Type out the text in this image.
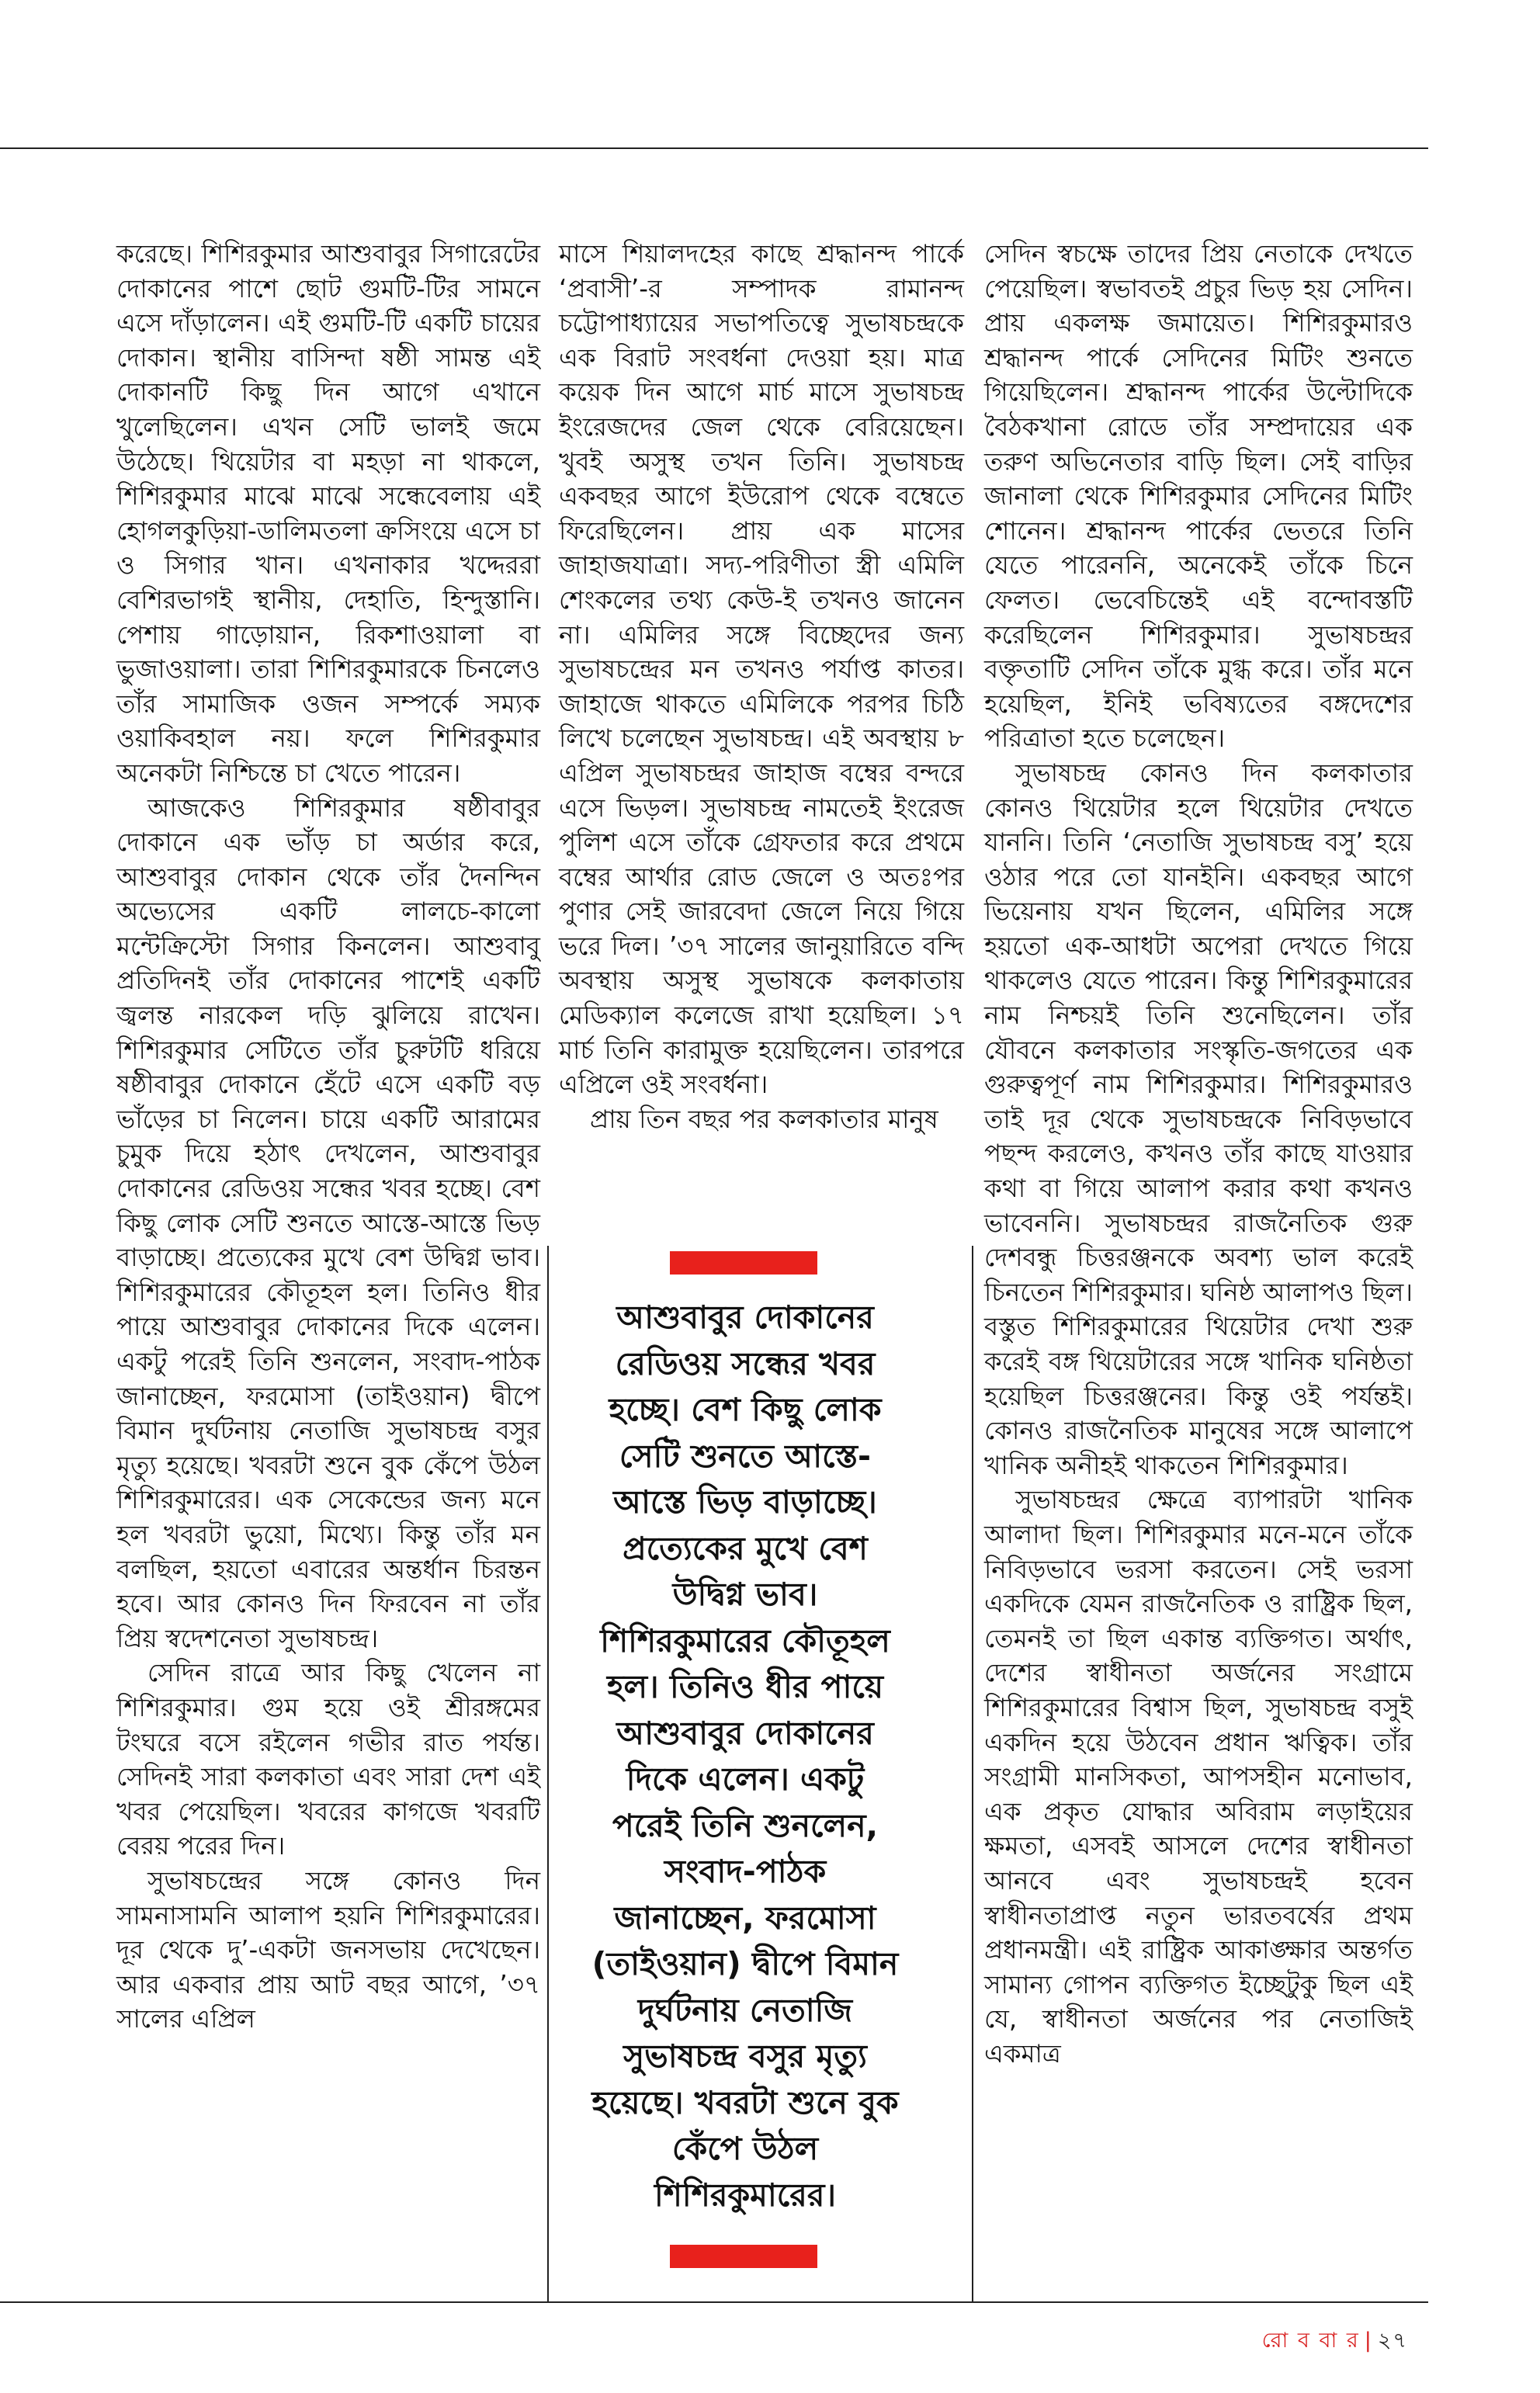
করেছে। শিশিরকুমার আশুবাবুর সিগারেটের দোকানের পাশে ছোট গুমটি-টির সামনে এসে দাঁড়ালেন। এই গুমটি-টি একটি চায়ের দোকান। স্থানীয় বাসিন্দা ষষ্ঠী সামন্ত এই দোকানটি কিছু দিন আগে এখানে খুলেছিলেন। এখন সেটি ভালই জমে উঠেছে। থিয়েটার বা মহড়া না থাকলে, শিশিরকুমার মাঝে মাঝে সন্ধেবেলায় এই হোগলকুড়িয়া-ডালিমতলা ক্রসিংয়ে এসে চা ও সিগার খান। এখনাকার খদ্দেররা বেশিরভাগই স্থানীয়, দেহাতি, হিন্দুস্তানি। পেশায় গাড়োয়ান, রিকশাওয়ালা বা ভুজাওয়ালা। তারা শিশিরকুমারকে চিনলেও তাঁর সামাজিক ওজন সম্পর্কে সম্যক ওয়াকিবহাল নয়। ফলে শিশিরকুমার অনেকটা নিশ্চিন্তে চা খেতে পারেন।

আজকেও শিশিরকুমার ষষ্ঠীবাবুর দোকানে এক ভাঁড় চা অর্ডার করে, আশুবাবুর দোকান থেকে তাঁর দৈনন্দিন অভ্যেসের একটি লালচে-কালো মন্টেক্রিস্টো সিগার কিনলেন। আশুবাবু প্রতিদিনই তাঁর দোকানের পাশেই একটি জ্বলন্ত নারকেল দড়ি ঝুলিয়ে রাখেন। শিশিরকুমার সেটিতে তাঁর চুরুটটি ধরিয়ে ষষ্ঠীবাবুর দোকানে হেঁটে এসে একটি বড় ভাঁড়ের চা নিলেন। চায়ে একটি আরামের চুমুক দিয়ে হঠাৎ দেখলেন, আশুবাবুর দোকানের রেডিওয় সন্ধের খবর হচ্ছে। বেশ কিছু লোক সেটি শুনতে আস্তে-আস্তে ভিড় বাড়াচ্ছে। প্রত্যেকের মুখে বেশ উদ্বিগ্ন ভাব। শিশিরকুমারের কৌতূহল হল। তিনিও ধীর পায়ে আশুবাবুর দোকানের দিকে এলেন। একটু পরেই তিনি শুনলেন, সংবাদ-পাঠক জানাচ্ছেন, ফরমোসা (তাইওয়ান) দ্বীপে বিমান দুর্ঘটনায় নেতাজি সুভাষচন্দ্র বসুর মৃত্যু হয়েছে। খবরটা শুনে বুক কেঁপে উঠল শিশিরকুমারের। এক সেকেন্ডের জন্য মনে হল খবরটা ভুয়ো, মিথ্যে। কিন্তু তাঁর মন বলছিল, হয়তো এবারের অন্তর্ধান চিরন্তন হবে। আর কোনও দিন ফিরবেন না তাঁর প্রিয় স্বদেশনেতা সুভাষচন্দ্র।

সেদিন রাত্রে আর কিছু খেলেন না শিশিরকুমার। গুম হয়ে ওই শ্রীরঙ্গমের টংঘরে বসে রইলেন গভীর রাত পর্যন্ত। সেদিনই সারা কলকাতা এবং সারা দেশ এই খবর পেয়েছিল। খবরের কাগজে খবরটি বেরয় পরের দিন।

সুভাষচন্দ্রের সঙ্গে কোনও দিন সামনাসামনি আলাপ হয়নি শিশিরকুমারের। দূর থেকে দু’-একটা জনসভায় দেখেছেন। আর একবার প্রায় আট বছর আগে, ’৩৭ সালের এপ্রিল

মাসে শিয়ালদহের কাছে শ্রদ্ধানন্দ পার্কে ‘প্রবাসী’-র সম্পাদক রামানন্দ চট্টোপাধ্যায়ের সভাপতিত্বে সুভাষচন্দ্রকে এক বিরাট সংবর্ধনা দেওয়া হয়। মাত্র কয়েক দিন আগে মার্চ মাসে সুভাষচন্দ্র ইংরেজদের জেল থেকে বেরিয়েছেন। খুবই অসুস্থ তখন তিনি। সুভাষচন্দ্র একবছর আগে ইউরোপ থেকে বম্বেতে ফিরেছিলেন। প্রায় এক মাসের জাহাজযাত্রা। সদ্য-পরিণীতা স্ত্রী এমিলি শেংকলের তথ্য কেউ-ই তখনও জানেন না। এমিলির সঙ্গে বিচ্ছেদের জন্য সুভাষচন্দ্রের মন তখনও পর্যাপ্ত কাতর। জাহাজে থাকতে এমিলিকে পরপর চিঠি লিখে চলেছেন সুভাষচন্দ্র। এই অবস্থায় ৮ এপ্রিল সুভাষচন্দ্রর জাহাজ বম্বের বন্দরে এসে ভিড়ল। সুভাষচন্দ্র নামতেই ইংরেজ পুলিশ এসে তাঁকে গ্রেফতার করে প্রথমে বম্বের আর্থার রোড জেলে ও অতঃপর পুণার সেই জারবেদা জেলে নিয়ে গিয়ে ভরে দিল। ’৩৭ সালের জানুয়ারিতে বন্দি অবস্থায় অসুস্থ সুভাষকে কলকাতায় মেডিক্যাল কলেজে রাখা হয়েছিল। ১৭ মার্চ তিনি কারামুক্ত হয়েছিলেন। তারপরে এপ্রিলে ওই সংবর্ধনা।

প্রায় তিন বছর পর কলকাতার মানুষ

সেদিন স্বচক্ষে তাদের প্রিয় নেতাকে দেখতে পেয়েছিল। স্বভাবতই প্রচুর ভিড় হয় সেদিন। প্রায় একলক্ষ জমায়েত। শিশিরকুমারও শ্রদ্ধানন্দ পার্কে সেদিনের মিটিং শুনতে গিয়েছিলেন। শ্রদ্ধানন্দ পার্কের উল্টোদিকে বৈঠকখানা রোডে তাঁর সম্প্রদায়ের এক তরুণ অভিনেতার বাড়ি ছিল। সেই বাড়ির জানালা থেকে শিশিরকুমার সেদিনের মিটিং শোনেন। শ্রদ্ধানন্দ পার্কের ভেতরে তিনি যেতে পারেননি, অনেকেই তাঁকে চিনে ফেলত। ভেবেচিন্তেই এই বন্দোবস্তটি করেছিলেন শিশিরকুমার। সুভাষচন্দ্রর বক্তৃতাটি সেদিন তাঁকে মুগ্ধ করে। তাঁর মনে হয়েছিল, ইনিই ভবিষ্যতের বঙ্গদেশের পরিত্রাতা হতে চলেছেন।

সুভাষচন্দ্র কোনও দিন কলকাতার কোনও থিয়েটার হলে থিয়েটার দেখতে যাননি। তিনি ‘নেতাজি সুভাষচন্দ্র বসু’ হয়ে ওঠার পরে তো যানইনি। একবছর আগে ভিয়েনায় যখন ছিলেন, এমিলির সঙ্গে হয়তো এক-আধটা অপেরা দেখতে গিয়ে থাকলেও যেতে পারেন। কিন্তু শিশিরকুমারের নাম নিশ্চয়ই তিনি শুনেছিলেন। তাঁর যৌবনে কলকাতার সংস্কৃতি-জগতের এক গুরুত্বপূর্ণ নাম শিশিরকুমার। শিশিরকুমারও তাই দূর থেকে সুভাষচন্দ্রকে নিবিড়ভাবে পছন্দ করলেও, কখনও তাঁর কাছে যাওয়ার কথা বা গিয়ে আলাপ করার কথা কখনও ভাবেননি। সুভাষচন্দ্রর রাজনৈতিক গুরু দেশবন্ধু চিত্তরঞ্জনকে অবশ্য ভাল করেই চিনতেন শিশিরকুমার। ঘনিষ্ঠ আলাপও ছিল। বস্তুত শিশিরকুমারের থিয়েটার দেখা শুরু করেই বঙ্গ থিয়েটারের সঙ্গে খানিক ঘনিষ্ঠতা হয়েছিল চিত্তরঞ্জনের। কিন্তু ওই পর্যন্তই। কোনও রাজনৈতিক মানুষের সঙ্গে আলাপে খানিক অনীহই থাকতেন শিশিরকুমার।

সুভাষচন্দ্রর ক্ষেত্রে ব্যাপারটা খানিক আলাদা ছিল। শিশিরকুমার মনে-মনে তাঁকে নিবিড়ভাবে ভরসা করতেন। সেই ভরসা একদিকে যেমন রাজনৈতিক ও রাষ্ট্রিক ছিল, তেমনই তা ছিল একান্ত ব্যক্তিগত। অর্থাৎ, দেশের স্বাধীনতা অর্জনের সংগ্রামে শিশিরকুমারের বিশ্বাস ছিল, সুভাষচন্দ্র বসুই একদিন হয়ে উঠবেন প্রধান ঋত্বিক। তাঁর সংগ্রামী মানসিকতা, আপসহীন মনোভাব, এক প্রকৃত যোদ্ধার অবিরাম লড়াইয়ের ক্ষমতা, এসবই আসলে দেশের স্বাধীনতা আনবে এবং সুভাষচন্দ্রই হবেন স্বাধীনতাপ্রাপ্ত নতুন ভারতবর্ষের প্রথম প্রধানমন্ত্রী। এই রাষ্ট্রিক আকাঙ্ক্ষার অন্তর্গত সামান্য গোপন ব্যক্তিগত ইচ্ছেটুকু ছিল এই যে, স্বাধীনতা অর্জনের পর নেতাজিই একমাত্র

আশুবাবুর দোকানের রেডিওয় সন্ধের খবর হচ্ছে। বেশ কিছু লোক সেটি শুনতে আস্তে-আস্তে ভিড় বাড়াচ্ছে। প্রত্যেকের মুখে বেশ উদ্বিগ্ন ভাব। শিশিরকুমারের কৌতূহল হল। তিনিও ধীর পায়ে আশুবাবুর দোকানের দিকে এলেন। একটু পরেই তিনি শুনলেন, সংবাদ-পাঠক জানাচ্ছেন, ফরমোসা (তাইওয়ান) দ্বীপে বিমান দুর্ঘটনায় নেতাজি সুভাষচন্দ্র বসুর মৃত্যু হয়েছে। খবরটা শুনে বুক কেঁপে উঠল শিশিরকুমারের।
রো ব বা র | ২৭
